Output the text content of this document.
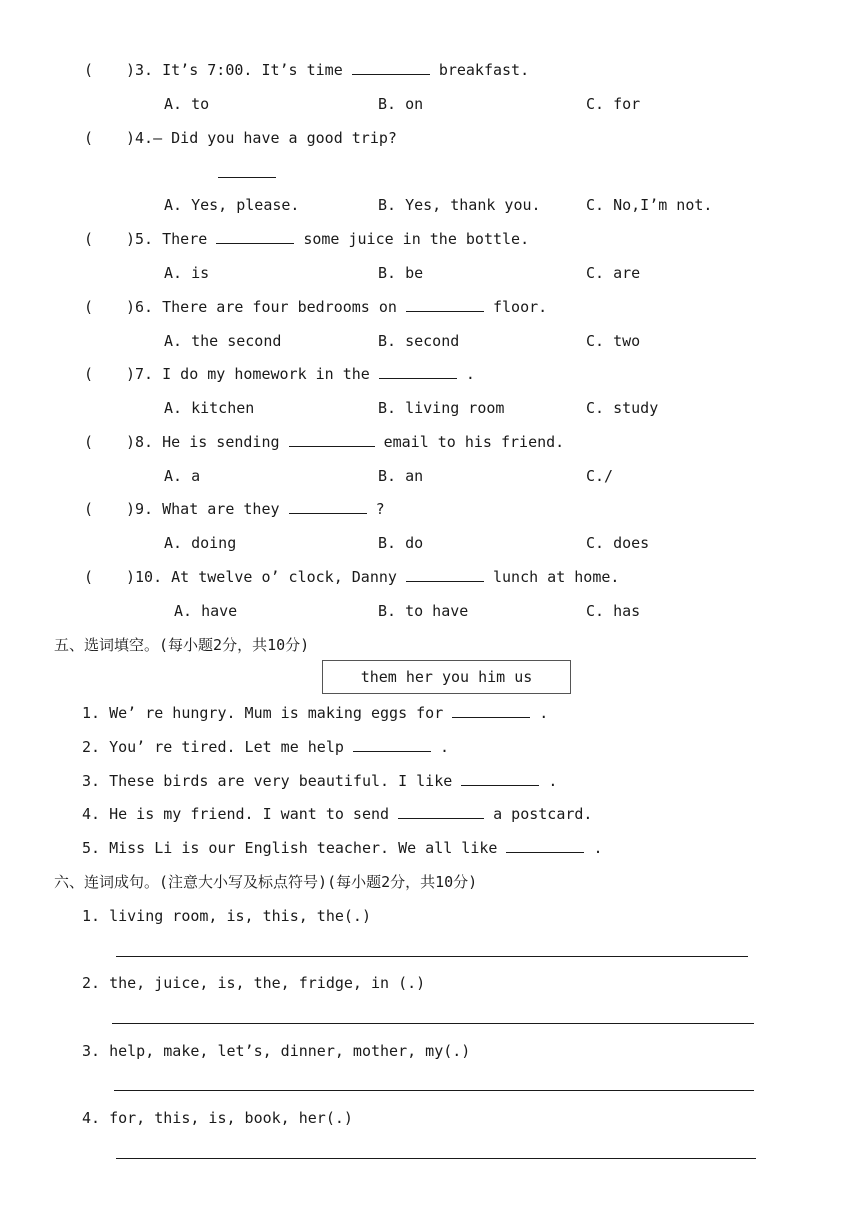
( )3. It’s 7:00. It’s time	breakfast.
A. to	B. on	C. for
( )4.— Did you have a good trip?
A. Yes, please.	B. Yes, thank you.	C. No,I’m not.
( )5. There	some juice in the bottle.
A. is	B. be	C. are
( )6. There are four bedrooms on	floor.
A. the second	B. second	C. two
( )7. I do my homework in the	.
A. kitchen	B. living room	C. study
( )8. He is sending	email to his friend.
A. a	B. an	C./
( )9. What are they	?
A. doing	B. do	C. does
( )10. At twelve o’ clock, Danny	lunch at home.
A. have	B. to have	C. has
五、选词填空。(每小题2分，共10分)
them her you him us
1. We’ re hungry. Mum is making eggs for	.
2. You’ re tired. Let me help	.
3. These birds are very beautiful. I like	.
4. He is my friend. I want to send	a postcard.
5. Miss Li is our English teacher. We all like	.
六、连词成句。(注意大小写及标点符号)(每小题2分，共10分)
1. living room, is, this, the(.)
2. the, juice, is, the, fridge, in (.)
3. help, make, let’s, dinner, mother, my(.)
4. for, this, is, book, her(.)
